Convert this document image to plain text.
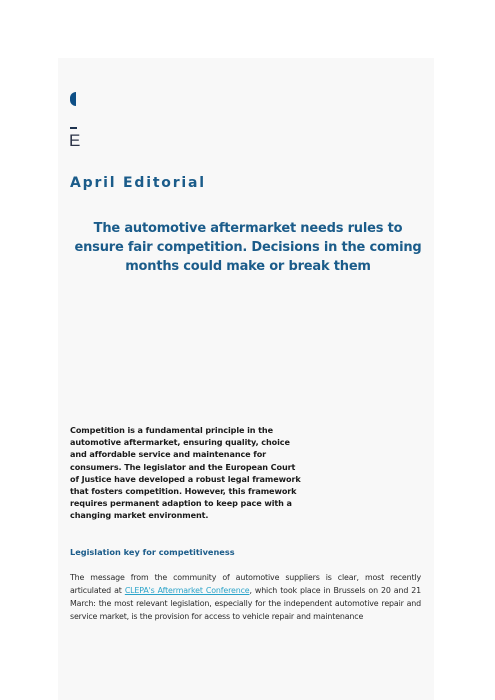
E
April Editorial
The automotive aftermarket needs rules to ensure fair competition. Decisions in the coming months could make or break them

Competition is a fundamental principle in the automotive aftermarket, ensuring quality, choice and affordable service and maintenance for consumers. The legislator and the European Court of Justice have developed a robust legal framework that fosters competition. However, this framework requires permanent adaption to keep pace with a changing market environment.

Legislation key for competitiveness

The message from the community of automotive suppliers is clear, most recently articulated at CLEPA's Aftermarket Conference, which took place in Brussels on 20 and 21 March: the most relevant legislation, especially for the independent automotive repair and service market, is the provision for access to vehicle repair and maintenance
